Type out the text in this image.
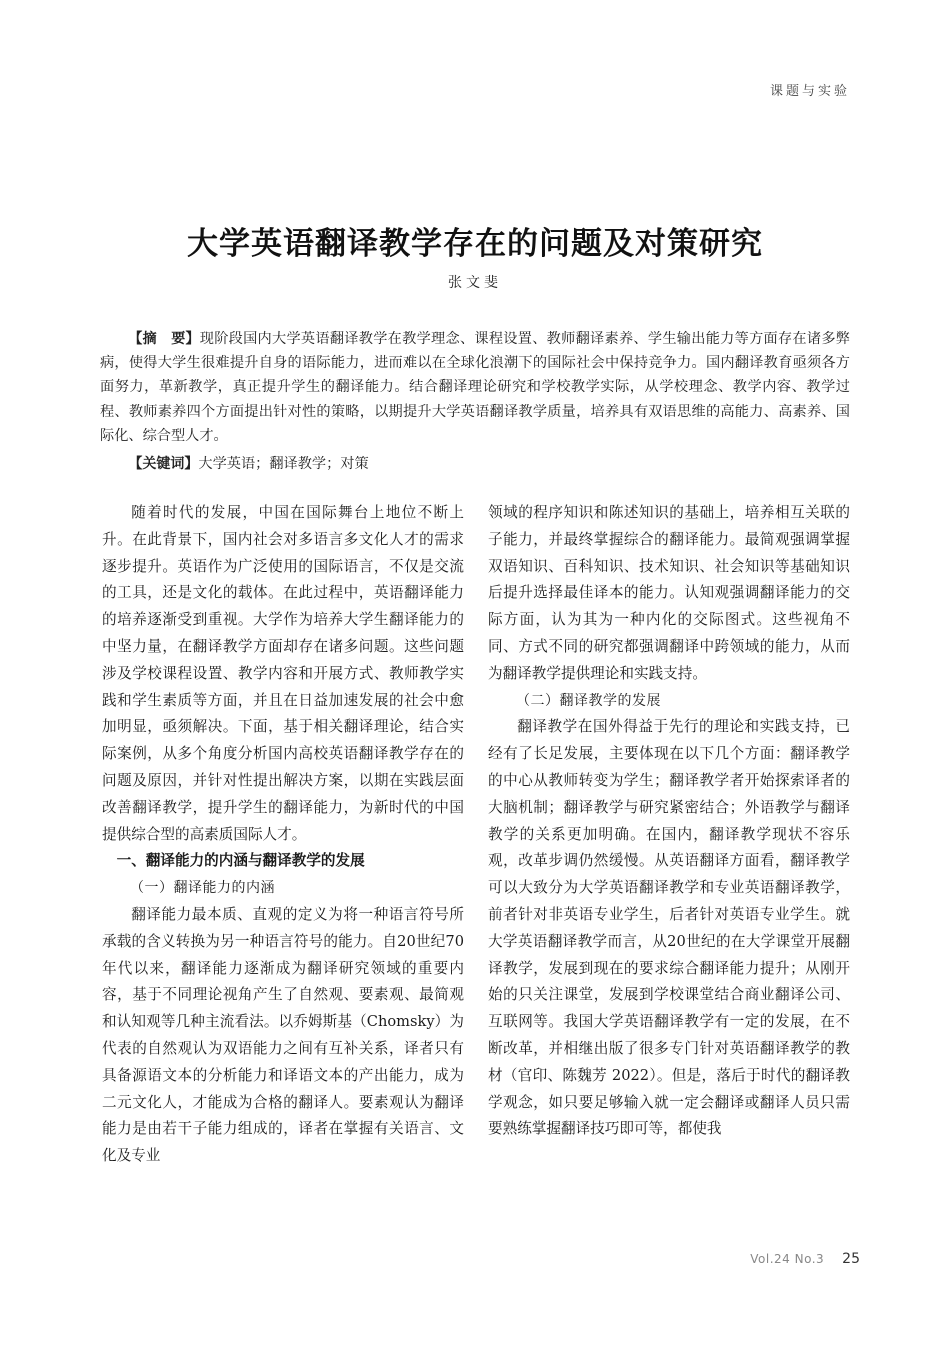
课题与实验
大学英语翻译教学存在的问题及对策研究
张文斐

【摘　要】现阶段国内大学英语翻译教学在教学理念、课程设置、教师翻译素养、学生输出能力等方面存在诸多弊病，使得大学生很难提升自身的语际能力，进而难以在全球化浪潮下的国际社会中保持竞争力。国内翻译教育亟须各方面努力，革新教学，真正提升学生的翻译能力。结合翻译理论研究和学校教学实际，从学校理念、教学内容、教学过程、教师素养四个方面提出针对性的策略，以期提升大学英语翻译教学质量，培养具有双语思维的高能力、高素养、国际化、综合型人才。

【关键词】大学英语；翻译教学；对策

随着时代的发展，中国在国际舞台上地位不断上升。在此背景下，国内社会对多语言多文化人才的需求逐步提升。英语作为广泛使用的国际语言，不仅是交流的工具，还是文化的载体。在此过程中，英语翻译能力的培养逐渐受到重视。大学作为培养大学生翻译能力的中坚力量，在翻译教学方面却存在诸多问题。这些问题涉及学校课程设置、教学内容和开展方式、教师教学实践和学生素质等方面，并且在日益加速发展的社会中愈加明显，亟须解决。下面，基于相关翻译理论，结合实际案例，从多个角度分析国内高校英语翻译教学存在的问题及原因，并针对性提出解决方案，以期在实践层面改善翻译教学，提升学生的翻译能力，为新时代的中国提供综合型的高素质国际人才。

一、翻译能力的内涵与翻译教学的发展
（一）翻译能力的内涵

翻译能力最本质、直观的定义为将一种语言符号所承载的含义转换为另一种语言符号的能力。自20世纪70年代以来，翻译能力逐渐成为翻译研究领域的重要内容，基于不同理论视角产生了自然观、要素观、最简观和认知观等几种主流看法。以乔姆斯基（Chomsky）为代表的自然观认为双语能力之间有互补关系，译者只有具备源语文本的分析能力和译语文本的产出能力，成为二元文化人，才能成为合格的翻译人。要素观认为翻译能力是由若干子能力组成的，译者在掌握有关语言、文化及专业

领域的程序知识和陈述知识的基础上，培养相互关联的子能力，并最终掌握综合的翻译能力。最简观强调掌握双语知识、百科知识、技术知识、社会知识等基础知识后提升选择最佳译本的能力。认知观强调翻译能力的交际方面，认为其为一种内化的交际图式。这些视角不同、方式不同的研究都强调翻译中跨领域的能力，从而为翻译教学提供理论和实践支持。

（二）翻译教学的发展

翻译教学在国外得益于先行的理论和实践支持，已经有了长足发展，主要体现在以下几个方面：翻译教学的中心从教师转变为学生；翻译教学者开始探索译者的大脑机制；翻译教学与研究紧密结合；外语教学与翻译教学的关系更加明确。在国内，翻译教学现状不容乐观，改革步调仍然缓慢。从英语翻译方面看，翻译教学可以大致分为大学英语翻译教学和专业英语翻译教学，前者针对非英语专业学生，后者针对英语专业学生。就大学英语翻译教学而言，从20世纪的在大学课堂开展翻译教学，发展到现在的要求综合翻译能力提升；从刚开始的只关注课堂，发展到学校课堂结合商业翻译公司、互联网等。我国大学英语翻译教学有一定的发展，在不断改革，并相继出版了很多专门针对英语翻译教学的教材（官印、陈魏芳 2022）。但是，落后于时代的翻译教学观念，如只要足够输入就一定会翻译或翻译人员只需要熟练掌握翻译技巧即可等，都使我

Vol.24 No.3 25
